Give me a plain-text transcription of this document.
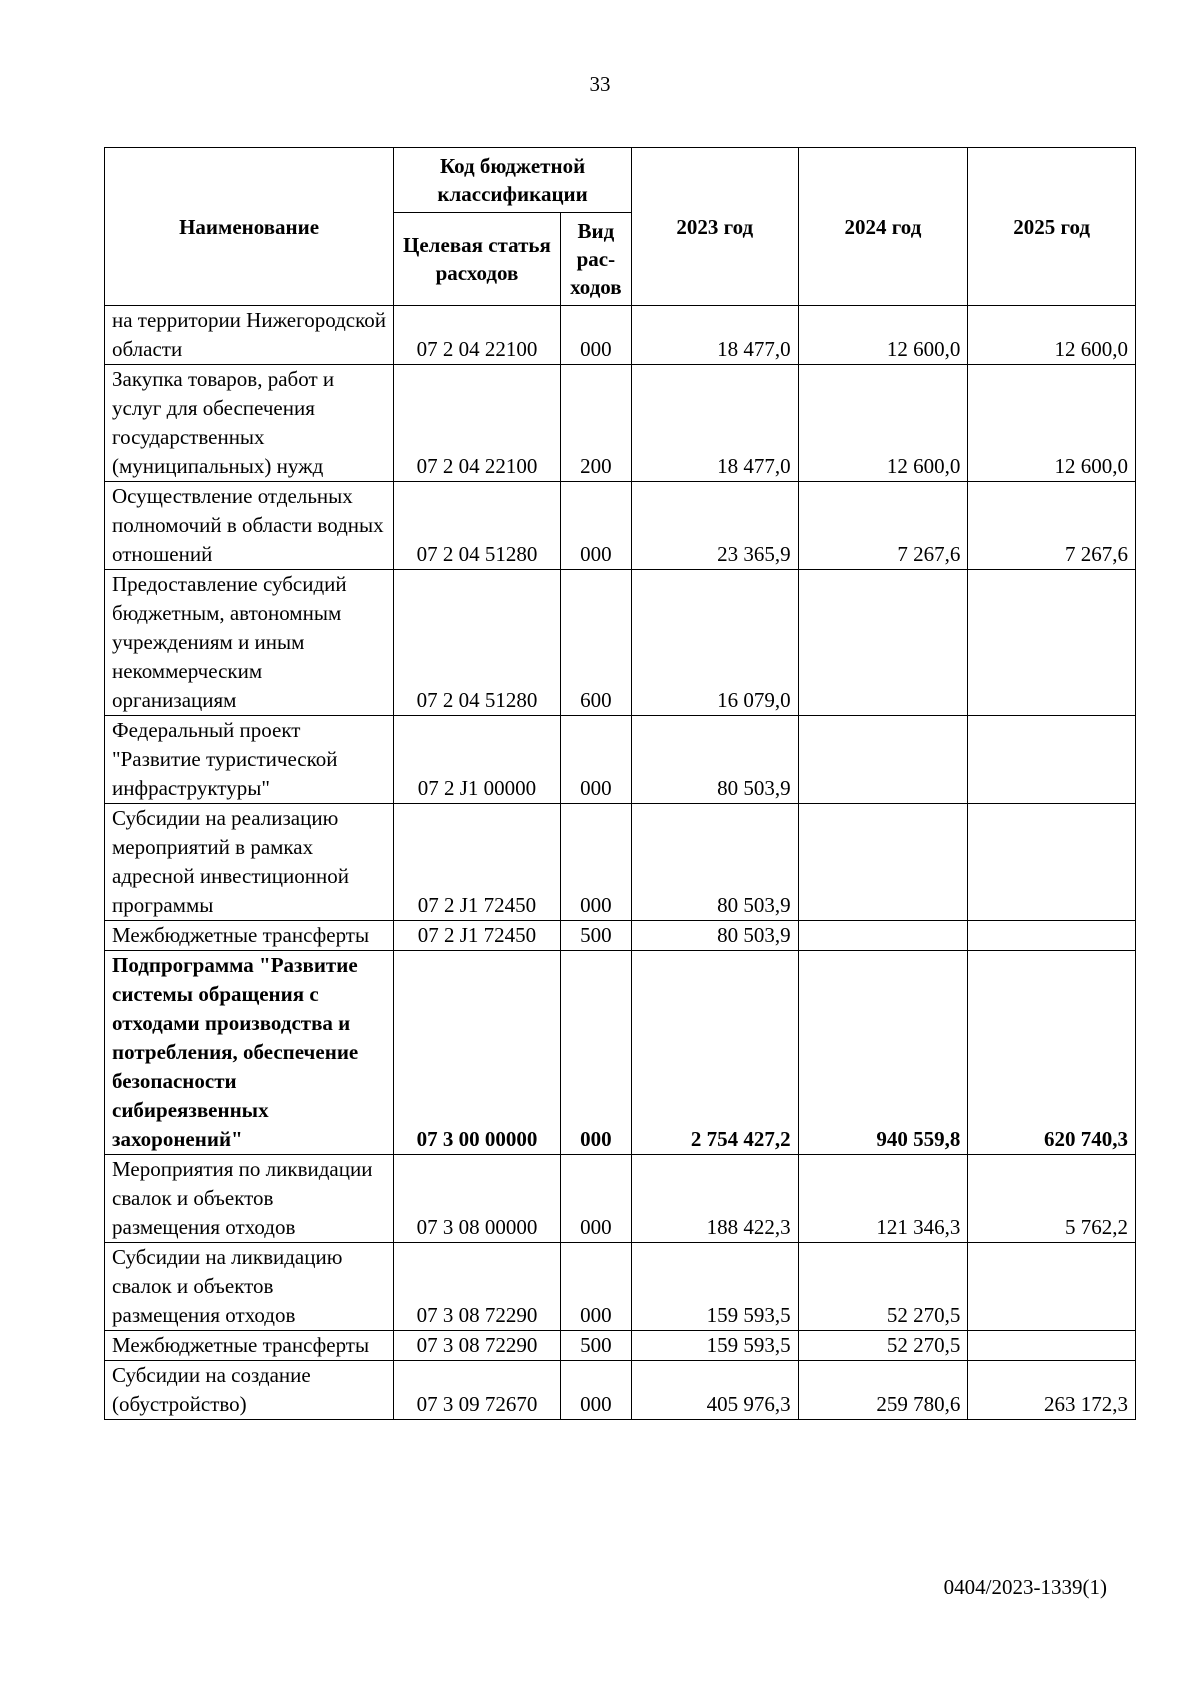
33
Наименование	Код бюджетной классификации		2023 год	2024 год	2025 год
	Целевая статья расходов	Вид рас-ходов			
на территории Нижегородской области	07 2 04 22100	000	18 477,0	12 600,0	12 600,0
Закупка товаров, работ и услуг для обеспечения государственных (муниципальных) нужд	07 2 04 22100	200	18 477,0	12 600,0	12 600,0
Осуществление отдельных полномочий в области водных отношений	07 2 04 51280	000	23 365,9	7 267,6	7 267,6
Предоставление субсидий бюджетным, автономным учреждениям и иным некоммерческим организациям	07 2 04 51280	600	16 079,0		
Федеральный проект "Развитие туристической инфраструктуры"	07 2 J1 00000	000	80 503,9		
Субсидии на реализацию мероприятий в рамках адресной инвестиционной программы	07 2 J1 72450	000	80 503,9		
Межбюджетные трансферты	07 2 J1 72450	500	80 503,9		
Подпрограмма "Развитие системы обращения с отходами производства и потребления, обеспечение безопасности сибиреязвенных захоронений"	07 3 00 00000	000	2 754 427,2	940 559,8	620 740,3
Мероприятия по ликвидации свалок и объектов размещения отходов	07 3 08 00000	000	188 422,3	121 346,3	5 762,2
Субсидии на ликвидацию свалок и объектов размещения отходов	07 3 08 72290	000	159 593,5	52 270,5	
Межбюджетные трансферты	07 3 08 72290	500	159 593,5	52 270,5	
Субсидии на создание (обустройство)	07 3 09 72670	000	405 976,3	259 780,6	263 172,3
0404/2023-1339(1)
